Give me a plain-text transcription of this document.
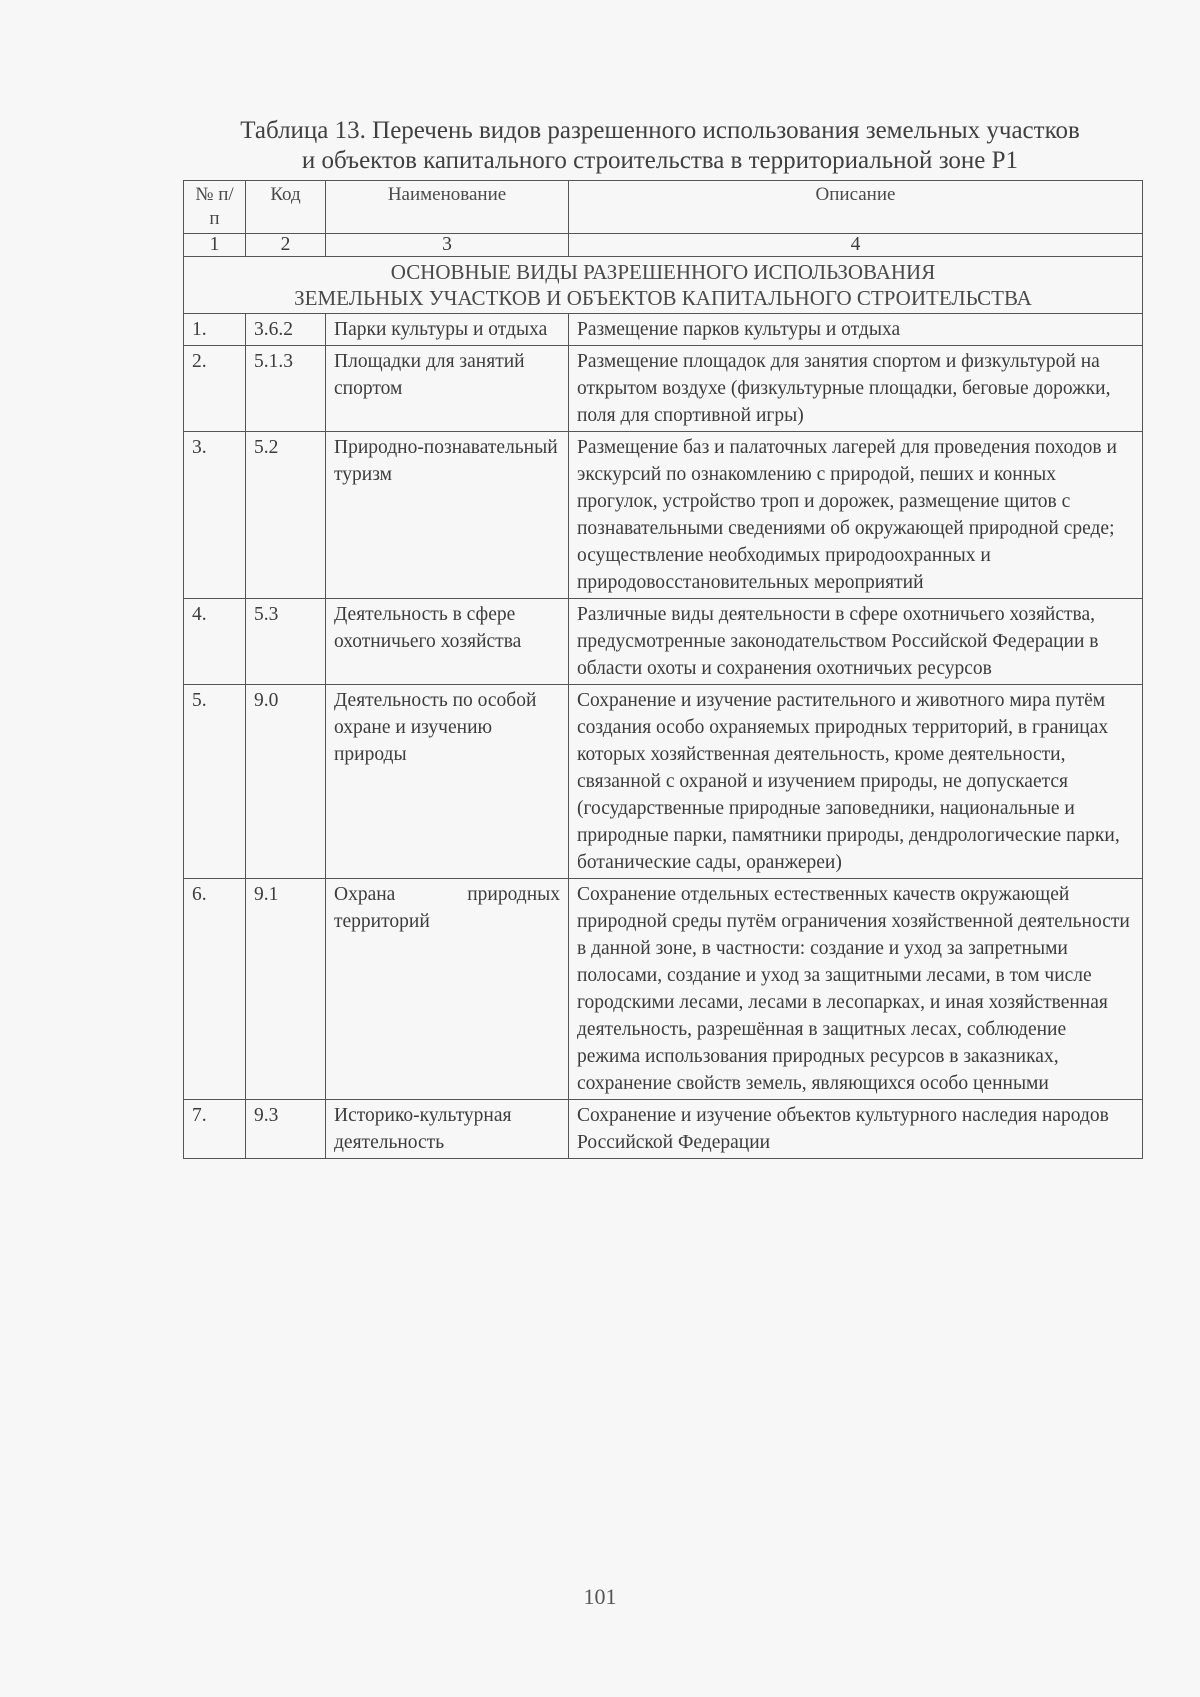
Таблица 13. Перечень видов разрешенного использования земельных участков
и объектов капитального строительства в территориальной зоне Р1
№ п/п	Код	Наименование	Описание
1	2	3	4

ОСНОВНЫЕ ВИДЫ РАЗРЕШЕННОГО ИСПОЛЬЗОВАНИЯ
ЗЕМЕЛЬНЫХ УЧАСТКОВ И ОБЪЕКТОВ КАПИТАЛЬНОГО СТРОИТЕЛЬСТВА			

1.	3.6.2	Парки культуры и отдыха	Размещение парков культуры и отдыха
2.	5.1.3	Площадки для занятий спортом	Размещение площадок для занятия спортом и физкультурой на открытом воздухе (физкультурные площадки, беговые дорожки, поля для спортивной игры)
3.	5.2	Природно-познавательный туризм	Размещение баз и палаточных лагерей для проведения походов и экскурсий по ознакомлению с природой, пеших и конных прогулок, устройство троп и дорожек, размещение щитов с познавательными сведениями об окружающей природной среде; осуществление необходимых природоохранных и природовосстановительных мероприятий
4.	5.3	Деятельность в сфере охотничьего хозяйства	Различные виды деятельности в сфере охотничьего хозяйства, предусмотренные законодательством Российской Федерации в области охоты и сохранения охотничьих ресурсов
5.	9.0	Деятельность по особой охране и изучению природы	Сохранение и изучение растительного и животного мира путём создания особо охраняемых природных территорий, в границах которых хозяйственная деятельность, кроме деятельности, связанной с охраной и изучением природы, не допускается (государственные природные заповедники, национальные и природные парки, памятники природы, дендрологические парки, ботанические сады, оранжереи)
6.	9.1	Охрана природных территорий	Сохранение отдельных естественных качеств окружающей природной среды путём ограничения хозяйственной деятельности в данной зоне, в частности: создание и уход за запретными полосами, создание и уход за защитными лесами, в том числе городскими лесами, лесами в лесопарках, и иная хозяйственная деятельность, разрешённая в защитных лесах, соблюдение режима использования природных ресурсов в заказниках, сохранение свойств земель, являющихся особо ценными
7.	9.3	Историко-культурная деятельность	Сохранение и изучение объектов культурного наследия народов Российской Федерации
101
